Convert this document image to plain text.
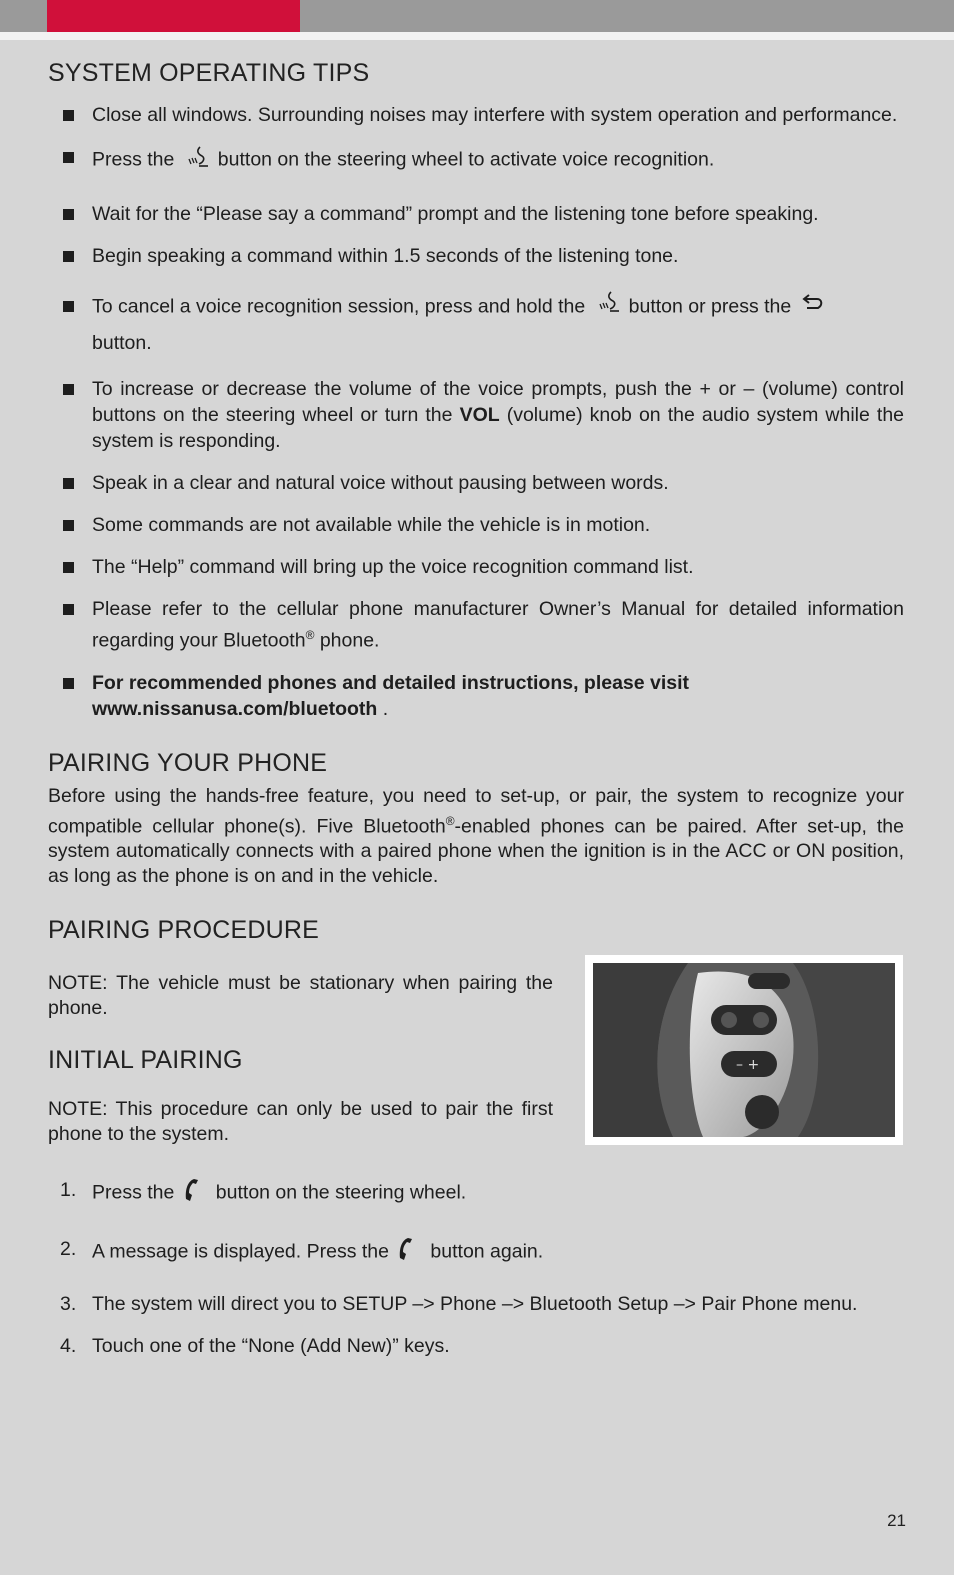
SYSTEM OPERATING TIPS
Close all windows. Surrounding noises may interfere with system operation and performance.
Press the button on the steering wheel to activate voice recognition.
Wait for the “Please say a command” prompt and the listening tone before speaking.
Begin speaking a command within 1.5 seconds of the listening tone.
To cancel a voice recognition session, press and hold the button or press the
button.
To increase or decrease the volume of the voice prompts, push the + or – (volume) control buttons on the steering wheel or turn the VOL (volume) knob on the audio system while the system is responding.
Speak in a clear and natural voice without pausing between words.
Some commands are not available while the vehicle is in motion.
The “Help” command will bring up the voice recognition command list.
Please refer to the cellular phone manufacturer Owner’s Manual for detailed information regarding your Bluetooth® phone.
For recommended phones and detailed instructions, please visit
www.nissanusa.com/bluetooth .
PAIRING YOUR PHONE

Before using the hands-free feature, you need to set-up, or pair, the system to recognize your compatible cellular phone(s). Five Bluetooth®-enabled phones can be paired. After set-up, the system automatically connects with a paired phone when the ignition is in the ACC or ON position, as long as the phone is on and in the vehicle.

PAIRING PROCEDURE

NOTE: The vehicle must be stationary when pairing the phone.

INITIAL PAIRING

NOTE: This procedure can only be used to pair the first phone to the system.

– +
1. Press the button on the steering wheel.
2. A message is displayed. Press the button again.
3. The system will direct you to SETUP –> Phone –> Bluetooth Setup –> Pair Phone menu.
4. Touch one of the “None (Add New)” keys.
21
